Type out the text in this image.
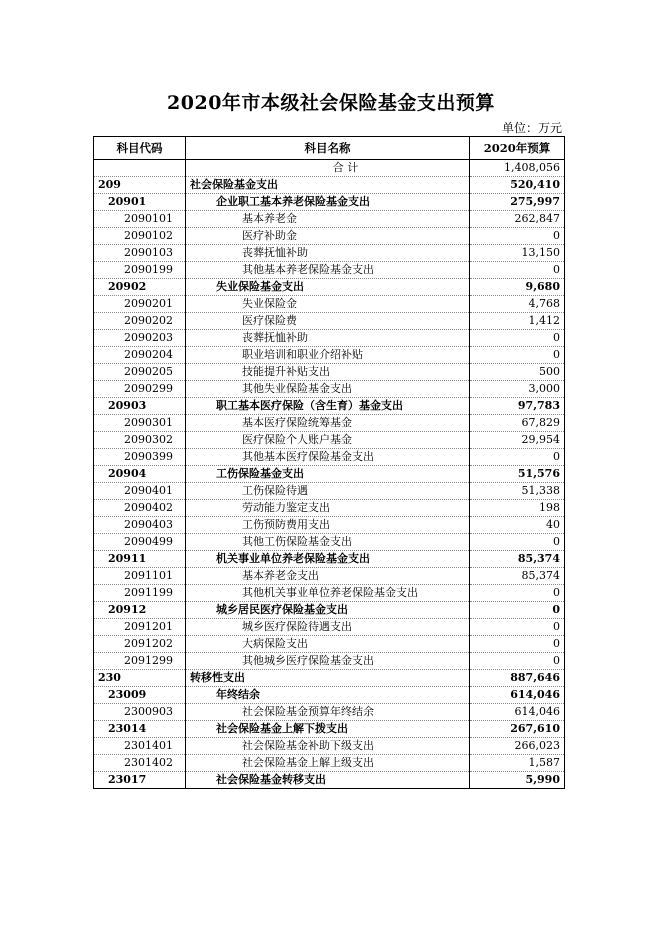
2020年市本级社会保险基金支出预算
单位：万元
科目代码	科目名称	2020年预算
	合 计	1,408,056
209	社会保险基金支出	520,410
20901	企业职工基本养老保险基金支出	275,997
2090101	基本养老金	262,847
2090102	医疗补助金	0
2090103	丧葬抚恤补助	13,150
2090199	其他基本养老保险基金支出	0
20902	失业保险基金支出	9,680
2090201	失业保险金	4,768
2090202	医疗保险费	1,412
2090203	丧葬抚恤补助	0
2090204	职业培训和职业介绍补贴	0
2090205	技能提升补贴支出	500
2090299	其他失业保险基金支出	3,000
20903	职工基本医疗保险（含生育）基金支出	97,783
2090301	基本医疗保险统筹基金	67,829
2090302	医疗保险个人账户基金	29,954
2090399	其他基本医疗保险基金支出	0
20904	工伤保险基金支出	51,576
2090401	工伤保险待遇	51,338
2090402	劳动能力鉴定支出	198
2090403	工伤预防费用支出	40
2090499	其他工伤保险基金支出	0
20911	机关事业单位养老保险基金支出	85,374
2091101	基本养老金支出	85,374
2091199	其他机关事业单位养老保险基金支出	0
20912	城乡居民医疗保险基金支出	0
2091201	城乡医疗保险待遇支出	0
2091202	大病保险支出	0
2091299	其他城乡医疗保险基金支出	0
230	转移性支出	887,646
23009	年终结余	614,046
2300903	社会保险基金预算年终结余	614,046
23014	社会保险基金上解下拨支出	267,610
2301401	社会保险基金补助下级支出	266,023
2301402	社会保险基金上解上级支出	1,587
23017	社会保险基金转移支出	5,990
